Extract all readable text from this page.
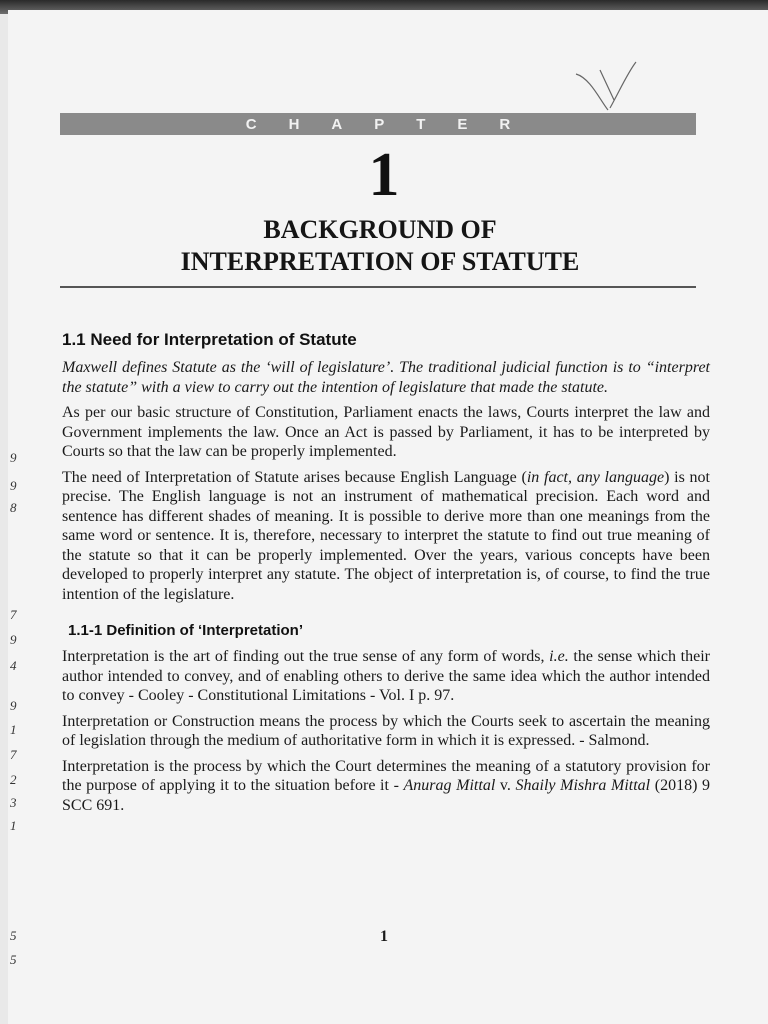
9
9
8
7
9
4
9
1
7
2
3
1
5
5
CHAPTER
1
BACKGROUND OF
INTERPRETATION OF STATUTE
1.1 Need for Interpretation of Statute

Maxwell defines Statute as the ‘will of legislature’. The traditional judicial function is to “interpret the statute” with a view to carry out the intention of legislature that made the statute.

As per our basic structure of Constitution, Parliament enacts the laws, Courts interpret the law and Government implements the law. Once an Act is passed by Parliament, it has to be interpreted by Courts so that the law can be properly implemented.

The need of Interpretation of Statute arises because English Language (in fact, any language) is not precise. The English language is not an instrument of mathematical precision. Each word and sentence has different shades of meaning. It is possible to derive more than one meanings from the same word or sentence. It is, therefore, necessary to interpret the statute to find out true meaning of the statute so that it can be properly implemented. Over the years, various concepts have been developed to properly interpret any statute. The object of interpretation is, of course, to find the true intention of the legislature.

1.1-1 Definition of ‘Interpretation’

Interpretation is the art of finding out the true sense of any form of words, i.e. the sense which their author intended to convey, and of enabling others to derive the same idea which the author intended to convey - Cooley - Constitutional Limitations - Vol. I p. 97.

Interpretation or Construction means the process by which the Courts seek to ascertain the meaning of legislation through the medium of authoritative form in which it is expressed. - Salmond.

Interpretation is the process by which the Court determines the meaning of a statutory provision for the purpose of applying it to the situation before it - Anurag Mittal v. Shaily Mishra Mittal (2018) 9 SCC 691.

1
